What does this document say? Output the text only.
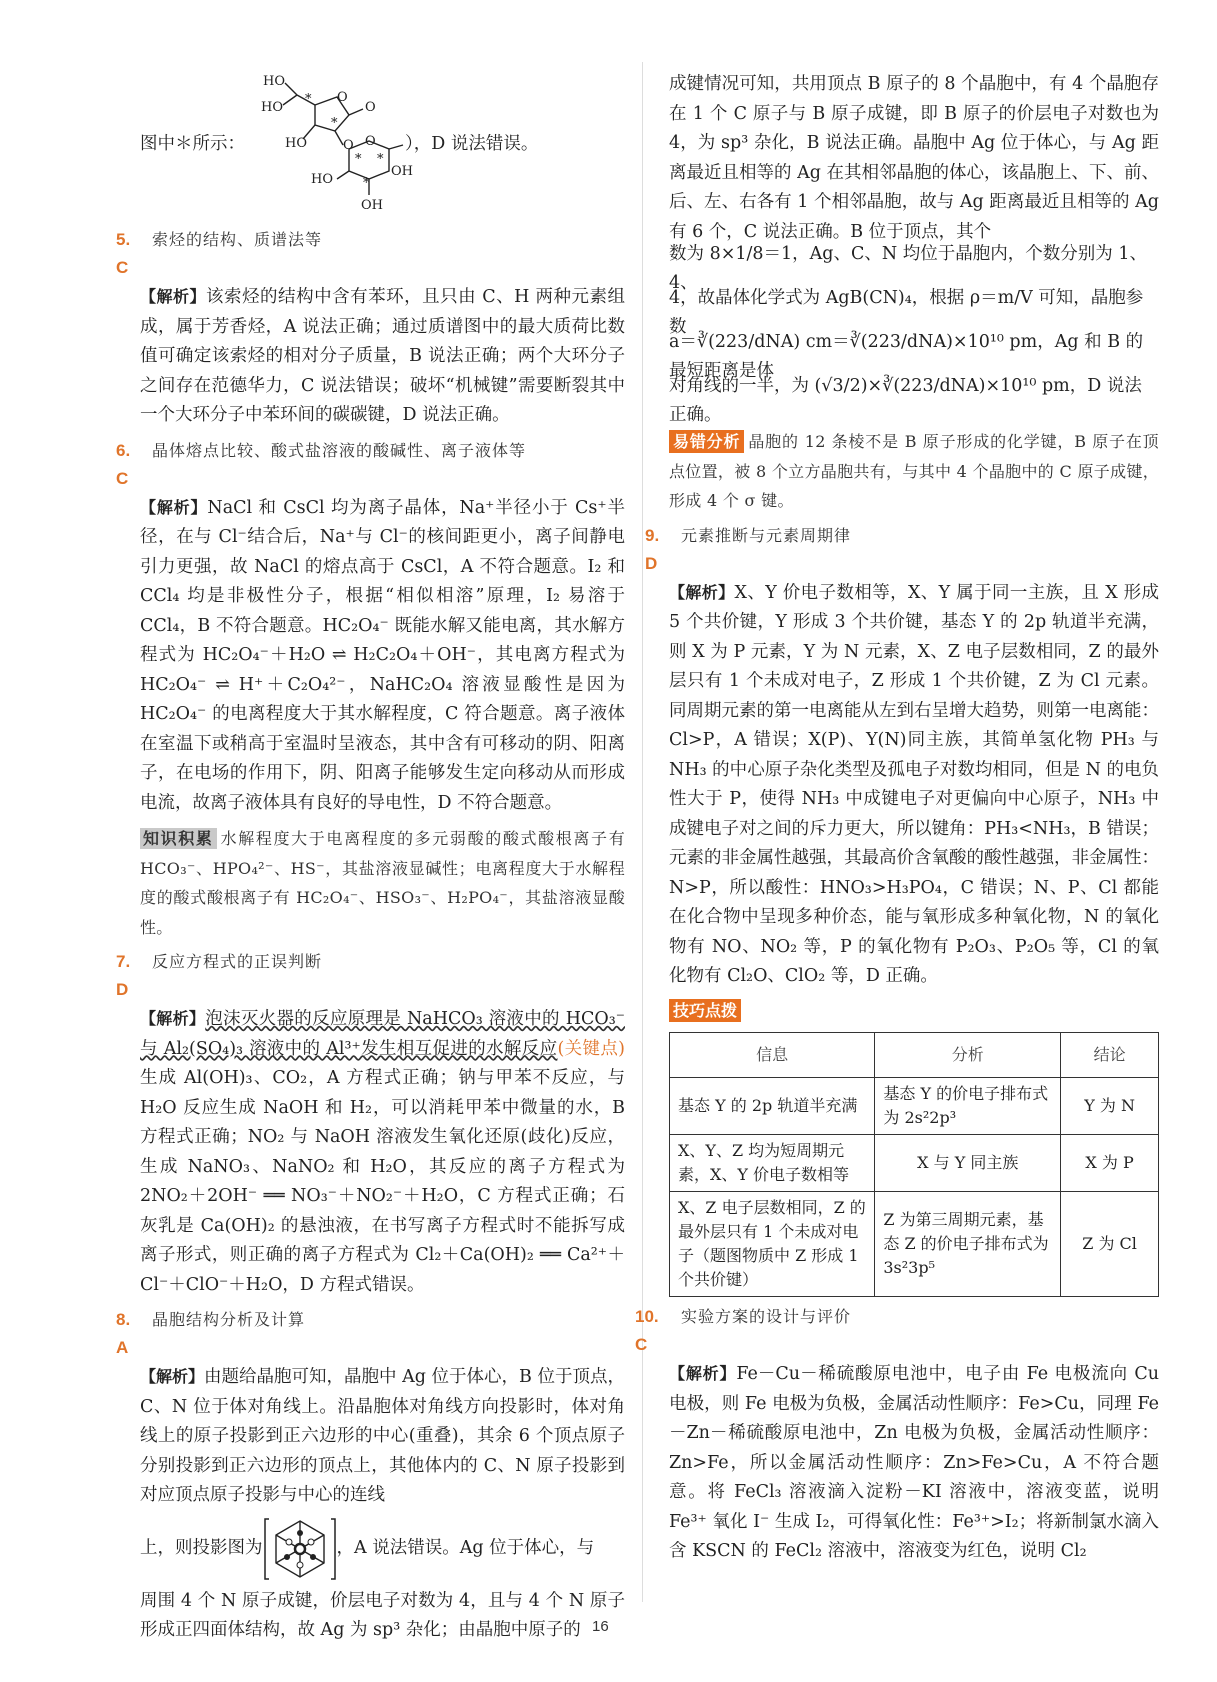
图中＊所示：
HO
HO
HO
O
O
O O
HO
OH
OH
*
*
* *
*
），D 说法错误。
5. C
索烃的结构、质谱法等
【解析】该索烃的结构中含有苯环，且只由 C、H 两种元素组成，属于芳香烃，A 说法正确；通过质谱图中的最大质荷比数值可确定该索烃的相对分子质量，B 说法正确；两个大环分子之间存在范德华力，C 说法错误；破坏“机械键”需要断裂其中一个大环分子中苯环间的碳碳键，D 说法正确。
6. C
晶体熔点比较、酸式盐溶液的酸碱性、离子液体等
【解析】NaCl 和 CsCl 均为离子晶体，Na⁺半径小于 Cs⁺半径，在与 Cl⁻结合后，Na⁺与 Cl⁻的核间距更小，离子间静电引力更强，故 NaCl 的熔点高于 CsCl，A 不符合题意。I₂ 和 CCl₄ 均是非极性分子，根据“相似相溶”原理，I₂ 易溶于 CCl₄，B 不符合题意。HC₂O₄⁻ 既能水解又能电离，其水解方程式为 HC₂O₄⁻＋H₂O ⇌ H₂C₂O₄＋OH⁻，其电离方程式为 HC₂O₄⁻ ⇌ H⁺＋C₂O₄²⁻，NaHC₂O₄ 溶液显酸性是因为 HC₂O₄⁻ 的电离程度大于其水解程度，C 符合题意。离子液体在室温下或稍高于室温时呈液态，其中含有可移动的阴、阳离子，在电场的作用下，阴、阳离子能够发生定向移动从而形成电流，故离子液体具有良好的导电性，D 不符合题意。
知识积累 水解程度大于电离程度的多元弱酸的酸式酸根离子有 HCO₃⁻、HPO₄²⁻、HS⁻，其盐溶液显碱性；电离程度大于水解程度的酸式酸根离子有 HC₂O₄⁻、HSO₃⁻、H₂PO₄⁻，其盐溶液显酸性。
7. D
反应方程式的正误判断
【解析】泡沫灭火器的反应原理是 NaHCO₃ 溶液中的 HCO₃⁻ 与 Al₂(SO₄)₃ 溶液中的 Al³⁺发生相互促进的水解反应(关键点)生成 Al(OH)₃、CO₂，A 方程式正确；钠与甲苯不反应，与 H₂O 反应生成 NaOH 和 H₂，可以消耗甲苯中微量的水，B 方程式正确；NO₂ 与 NaOH 溶液发生氧化还原(歧化)反应，生成 NaNO₃、NaNO₂ 和 H₂O，其反应的离子方程式为 2NO₂＋2OH⁻ ══ NO₃⁻＋NO₂⁻＋H₂O，C 方程式正确；石灰乳是 Ca(OH)₂ 的悬浊液，在书写离子方程式时不能拆写成离子形式，则正确的离子方程式为 Cl₂＋Ca(OH)₂ ══ Ca²⁺＋Cl⁻＋ClO⁻＋H₂O，D 方程式错误。
8. A
晶胞结构分析及计算
【解析】由题给晶胞可知，晶胞中 Ag 位于体心，B 位于顶点，C、N 位于体对角线上。沿晶胞体对角线方向投影时，体对角线上的原子投影到正六边形的中心(重叠)，其余 6 个顶点原子分别投影到正六边形的顶点上，其他体内的 C、N 原子投影到对应顶点原子投影与中心的连线
上，则投影图为	，A 说法错误。Ag 位于体心，与
周围 4 个 N 原子成键，价层电子对数为 4，且与 4 个 N 原子形成正四面体结构，故 Ag 为 sp³ 杂化；由晶胞中原子的
成键情况可知，共用顶点 B 原子的 8 个晶胞中，有 4 个晶胞存在 1 个 C 原子与 B 原子成键，即 B 原子的价层电子对数也为 4，为 sp³ 杂化，B 说法正确。晶胞中 Ag 位于体心，与 Ag 距离最近且相等的 Ag 在其相邻晶胞的体心，该晶胞上、下、前、后、左、右各有 1 个相邻晶胞，故与 Ag 距离最近且相等的 Ag 有 6 个，C 说法正确。B 位于顶点，其个
数为 8×1/8＝1，Ag、C、N 均位于晶胞内，个数分别为 1、4、
4，故晶体化学式为 AgB(CN)₄，根据 ρ＝m/V 可知，晶胞参数
a＝∛(223/dNA) cm＝∛(223/dNA)×10¹⁰ pm，Ag 和 B 的最短距离是体
对角线的一半，为 (√3/2)×∛(223/dNA)×10¹⁰ pm，D 说法正确。
易错分析 晶胞的 12 条棱不是 B 原子形成的化学键，B 原子在顶点位置，被 8 个立方晶胞共有，与其中 4 个晶胞中的 C 原子成键，形成 4 个 σ 键。
9. D
元素推断与元素周期律
【解析】X、Y 价电子数相等，X、Y 属于同一主族，且 X 形成 5 个共价键，Y 形成 3 个共价键，基态 Y 的 2p 轨道半充满，则 X 为 P 元素，Y 为 N 元素，X、Z 电子层数相同，Z 的最外层只有 1 个未成对电子，Z 形成 1 个共价键，Z 为 Cl 元素。同周期元素的第一电离能从左到右呈增大趋势，则第一电离能：Cl>P，A 错误；X(P)、Y(N)同主族，其简单氢化物 PH₃ 与 NH₃ 的中心原子杂化类型及孤电子对数均相同，但是 N 的电负性大于 P，使得 NH₃ 中成键电子对更偏向中心原子，NH₃ 中成键电子对之间的斥力更大，所以键角：PH₃<NH₃，B 错误；元素的非金属性越强，其最高价含氧酸的酸性越强，非金属性：N>P，所以酸性：HNO₃>H₃PO₄，C 错误；N、P、Cl 都能在化合物中呈现多种价态，能与氧形成多种氧化物，N 的氧化物有 NO、NO₂ 等，P 的氧化物有 P₂O₃、P₂O₅ 等，Cl 的氧化物有 Cl₂O、ClO₂ 等，D 正确。
技巧点拨
信息	分析	结论
基态 Y 的 2p 轨道半充满	基态 Y 的价电子排布式为 2s²2p³	Y 为 N
X、Y、Z 均为短周期元素，X、Y 价电子数相等	X 与 Y 同主族	X 为 P
X、Z 电子层数相同，Z 的最外层只有 1 个未成对电子（题图物质中 Z 形成 1 个共价键）	Z 为第三周期元素，基态 Z 的价电子排布式为 3s²3p⁵	Z 为 Cl
10. C
实验方案的设计与评价
【解析】Fe－Cu－稀硫酸原电池中，电子由 Fe 电极流向 Cu 电极，则 Fe 电极为负极，金属活动性顺序：Fe>Cu，同理 Fe－Zn－稀硫酸原电池中，Zn 电极为负极，金属活动性顺序：Zn>Fe，所以金属活动性顺序：Zn>Fe>Cu，A 不符合题意。将 FeCl₃ 溶液滴入淀粉－KI 溶液中，溶液变蓝，说明 Fe³⁺ 氧化 I⁻ 生成 I₂，可得氧化性：Fe³⁺>I₂；将新制氯水滴入含 KSCN 的 FeCl₂ 溶液中，溶液变为红色，说明 Cl₂
16
